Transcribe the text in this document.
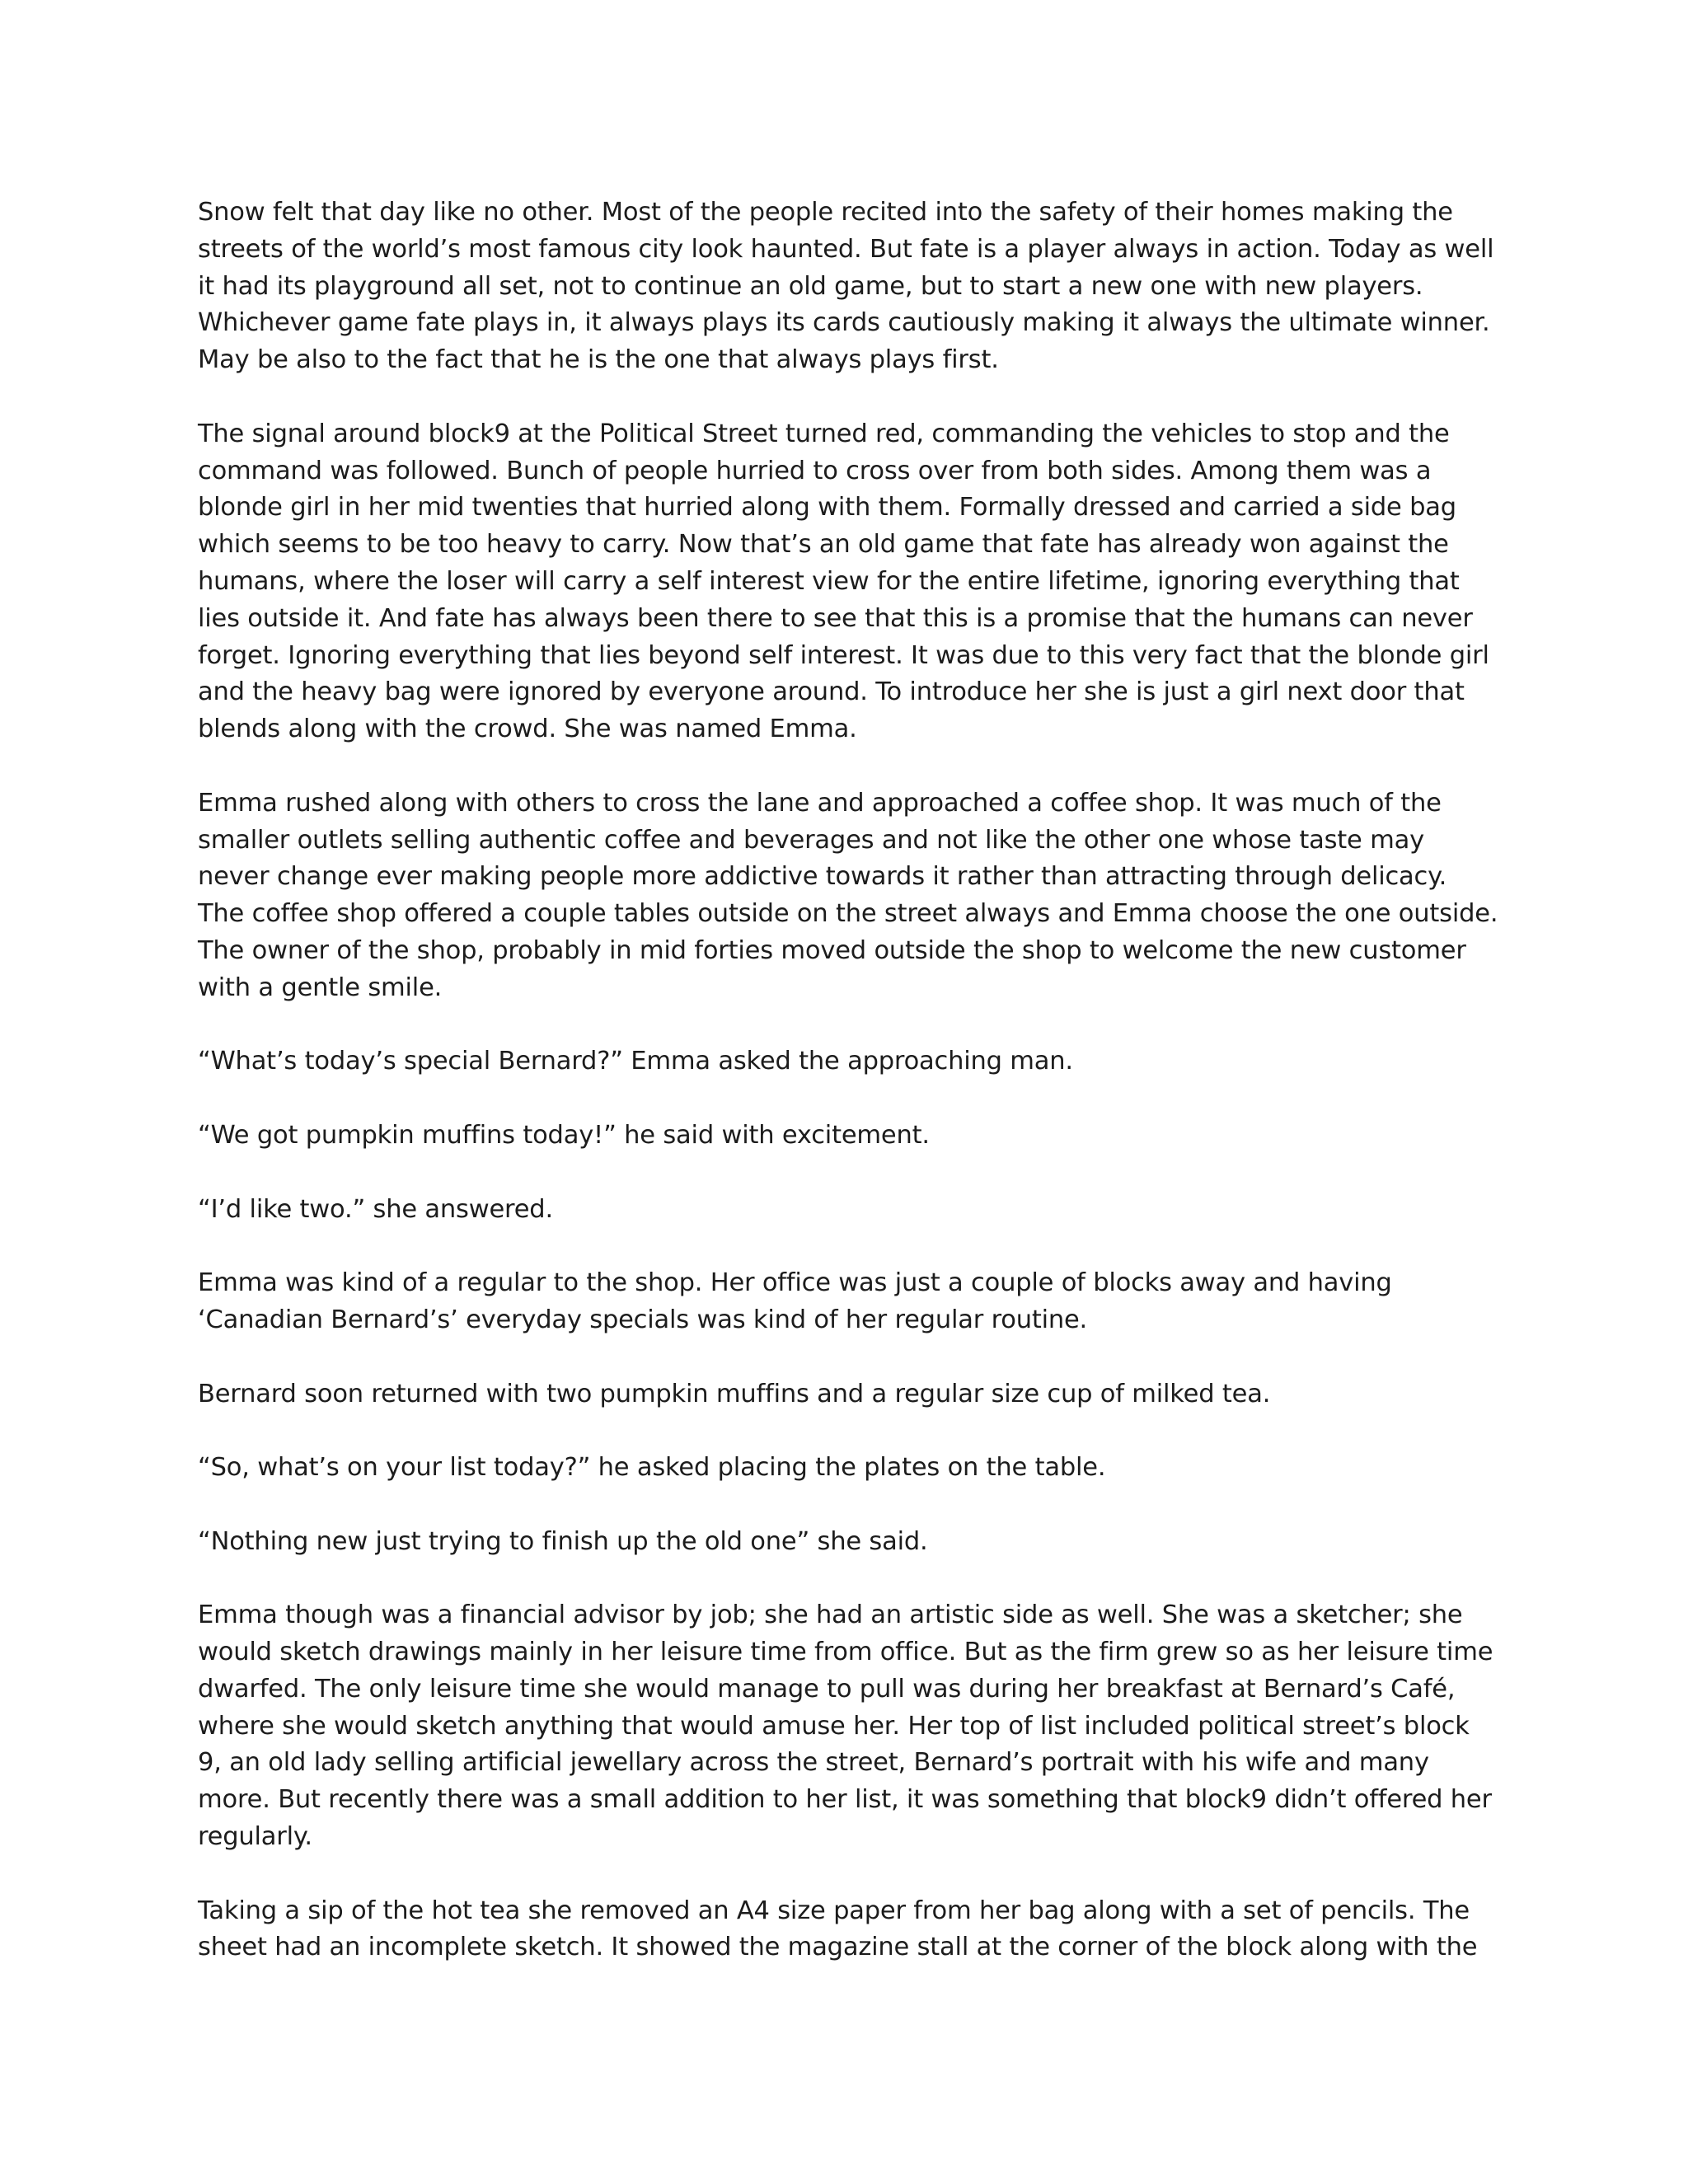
Snow felt that day like no other. Most of the people recited into the safety of their homes making the streets of the world’s most famous city look haunted. But fate is a player always in action. Today as well it had its playground all set, not to continue an old game, but to start a new one with new players. Whichever game fate plays in, it always plays its cards cautiously making it always the ultimate winner. May be also to the fact that he is the one that always plays first.

The signal around block9 at the Political Street turned red, commanding the vehicles to stop and the command was followed. Bunch of people hurried to cross over from both sides. Among them was a blonde girl in her mid twenties that hurried along with them. Formally dressed and carried a side bag which seems to be too heavy to carry. Now that’s an old game that fate has already won against the humans, where the loser will carry a self interest view for the entire lifetime, ignoring everything that lies outside it. And fate has always been there to see that this is a promise that the humans can never forget. Ignoring everything that lies beyond self interest. It was due to this very fact that the blonde girl and the heavy bag were ignored by everyone around. To introduce her she is just a girl next door that blends along with the crowd. She was named Emma.

Emma rushed along with others to cross the lane and approached a coffee shop. It was much of the smaller outlets selling authentic coffee and beverages and not like the other one whose taste may never change ever making people more addictive towards it rather than attracting through delicacy. The coffee shop offered a couple tables outside on the street always and Emma choose the one outside. The owner of the shop, probably in mid forties moved outside the shop to welcome the new customer with a gentle smile.

“What’s today’s special Bernard?” Emma asked the approaching man.

“We got pumpkin muffins today!” he said with excitement.

“I’d like two.” she answered.

Emma was kind of a regular to the shop. Her office was just a couple of blocks away and having ‘Canadian Bernard’s’ everyday specials was kind of her regular routine.

Bernard soon returned with two pumpkin muffins and a regular size cup of milked tea.

“So, what’s on your list today?” he asked placing the plates on the table.

“Nothing new just trying to finish up the old one” she said.

Emma though was a financial advisor by job; she had an artistic side as well. She was a sketcher; she would sketch drawings mainly in her leisure time from office. But as the firm grew so as her leisure time dwarfed. The only leisure time she would manage to pull was during her breakfast at Bernard’s Café, where she would sketch anything that would amuse her. Her top of list included political street’s block 9, an old lady selling artificial jewellary across the street, Bernard’s portrait with his wife and many more. But recently there was a small addition to her list, it was something that block9 didn’t offered her regularly.

Taking a sip of the hot tea she removed an A4 size paper from her bag along with a set of pencils. The sheet had an incomplete sketch. It showed the magazine stall at the corner of the block along with the
